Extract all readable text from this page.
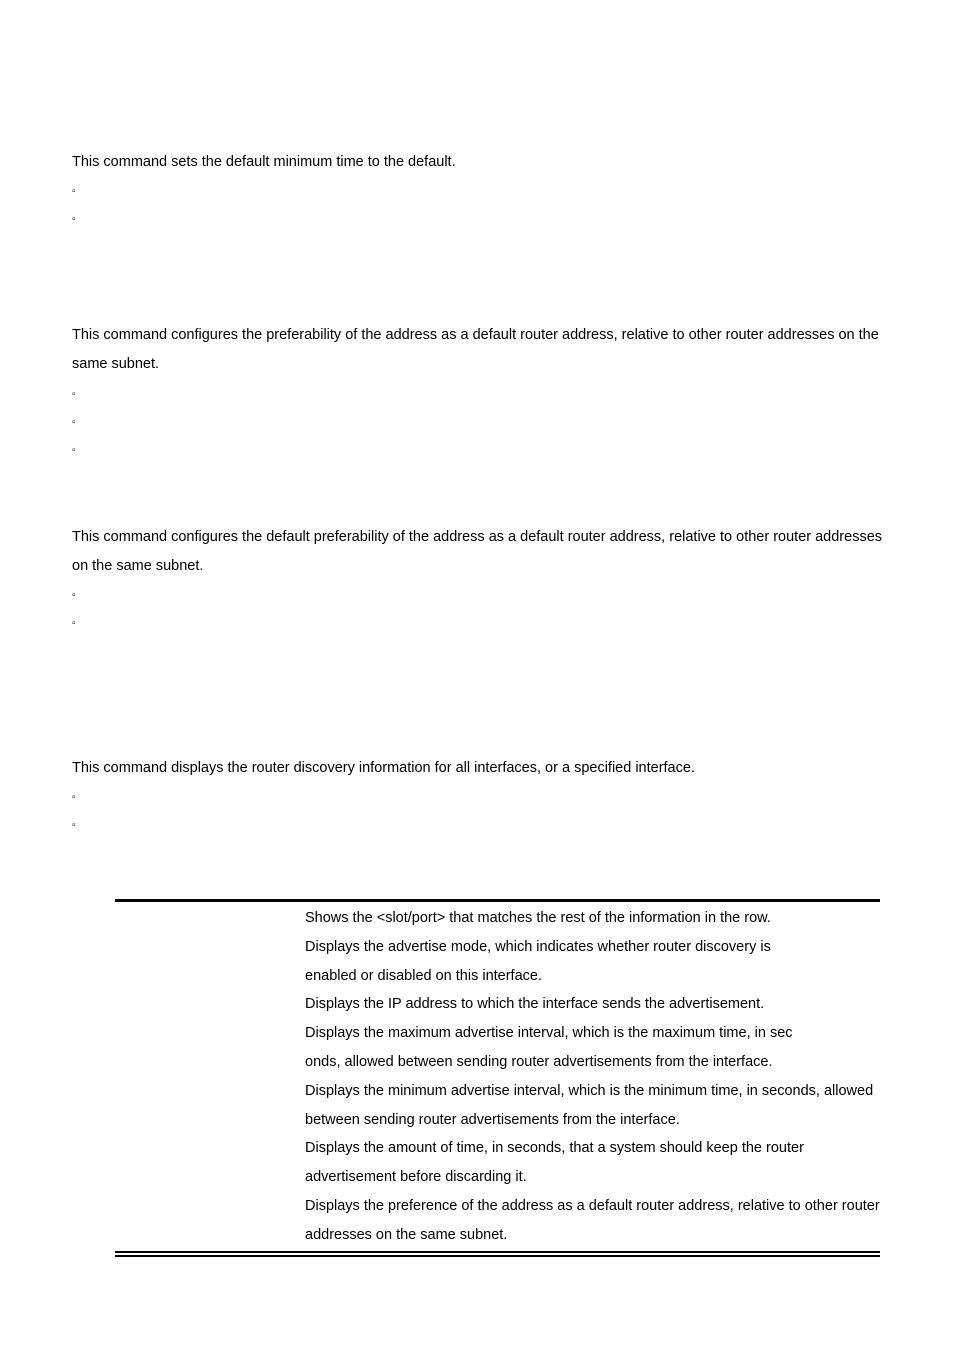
This command sets the default minimum time to the default.

▫
▫

This command configures the preferability of the address as a default router address, relative to other router addresses on the

same subnet.

▫
▫
▫

This command configures the default preferability of the address as a default router address, relative to other router addresses

on the same subnet.

▫
▫

This command displays the router discovery information for all interfaces, or a specified interface.

▫
▫
Shows the <slot/port> that matches the rest of the information in the row.
Displays the advertise mode, which indicates whether router discovery is
enabled or disabled on this interface.
Displays the IP address to which the interface sends the advertisement.
Displays the maximum advertise interval, which is the maximum time, in sec
onds, allowed between sending router advertisements from the interface.
Displays the minimum advertise interval, which is the minimum time, in seconds, allowed
between sending router advertisements from the interface.
Displays the amount of time, in seconds, that a system should keep the router
advertisement before discarding it.
Displays the preference of the address as a default router address, relative to other router
addresses on the same subnet.
